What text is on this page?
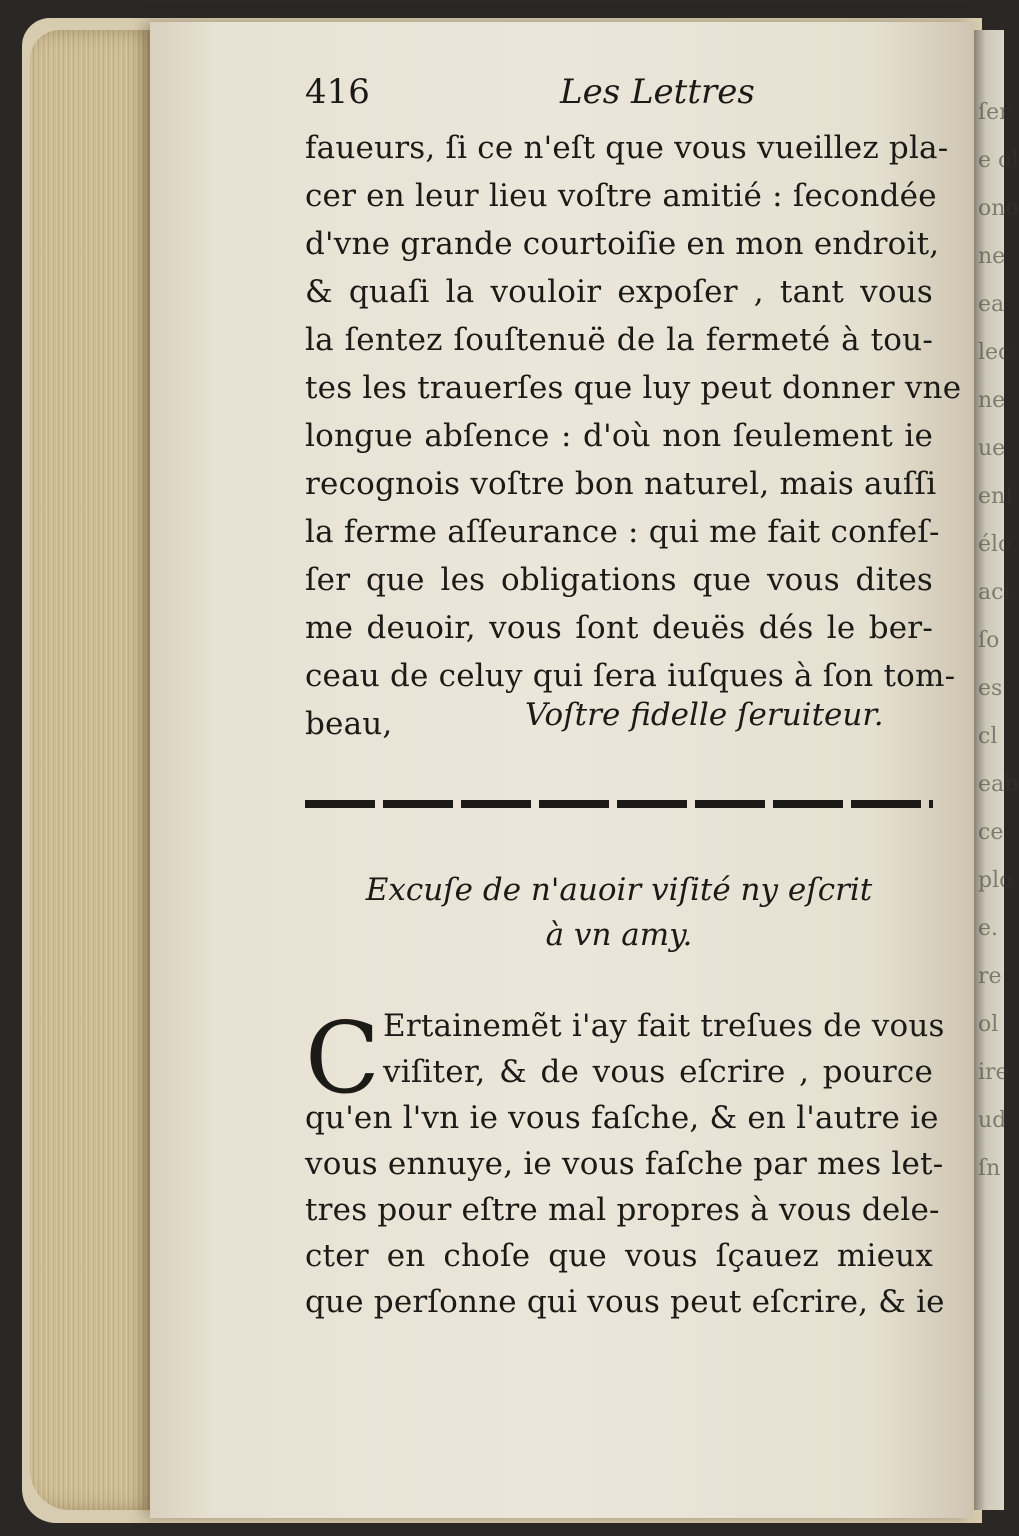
ſer
e ol
ono
ne
ea
lec
ne
ue
enl
élo
aci
ſo
es
cl
eab
ce
plo
e.
re
ol
ire
ud
ſn
416	Les Lettres
faueurs, ſi ce n'eſt que vous vueillez pla-
cer en leur lieu voſtre amitié : ſecondée
d'vne grande courtoiſie en mon endroit,
& quaſi la vouloir expoſer , tant vous
la ſentez ſouſtenuë de la fermeté à tou-
tes les trauerſes que luy peut donner vne
longue abſence : d'où non ſeulement ie
recognois voſtre bon naturel, mais auſſi
la ferme aſſeurance : qui me fait confeſ-
ſer que les obligations que vous dites
me deuoir, vous ſont deuës dés le ber-
ceau de celuy qui ſera iuſques à ſon tom-
beau,	Voſtre fidelle ſeruiteur.
Excuſe de n'auoir viſité ny eſcrit
à vn amy.
C Ertainemẽt i'ay fait treſues de vous
viſiter, & de vous eſcrire , pource
qu'en l'vn ie vous faſche, & en l'autre ie
vous ennuye, ie vous faſche par mes let-
tres pour eſtre mal propres à vous dele-
cter en choſe que vous ſçauez mieux
que perſonne qui vous peut eſcrire, & ie
